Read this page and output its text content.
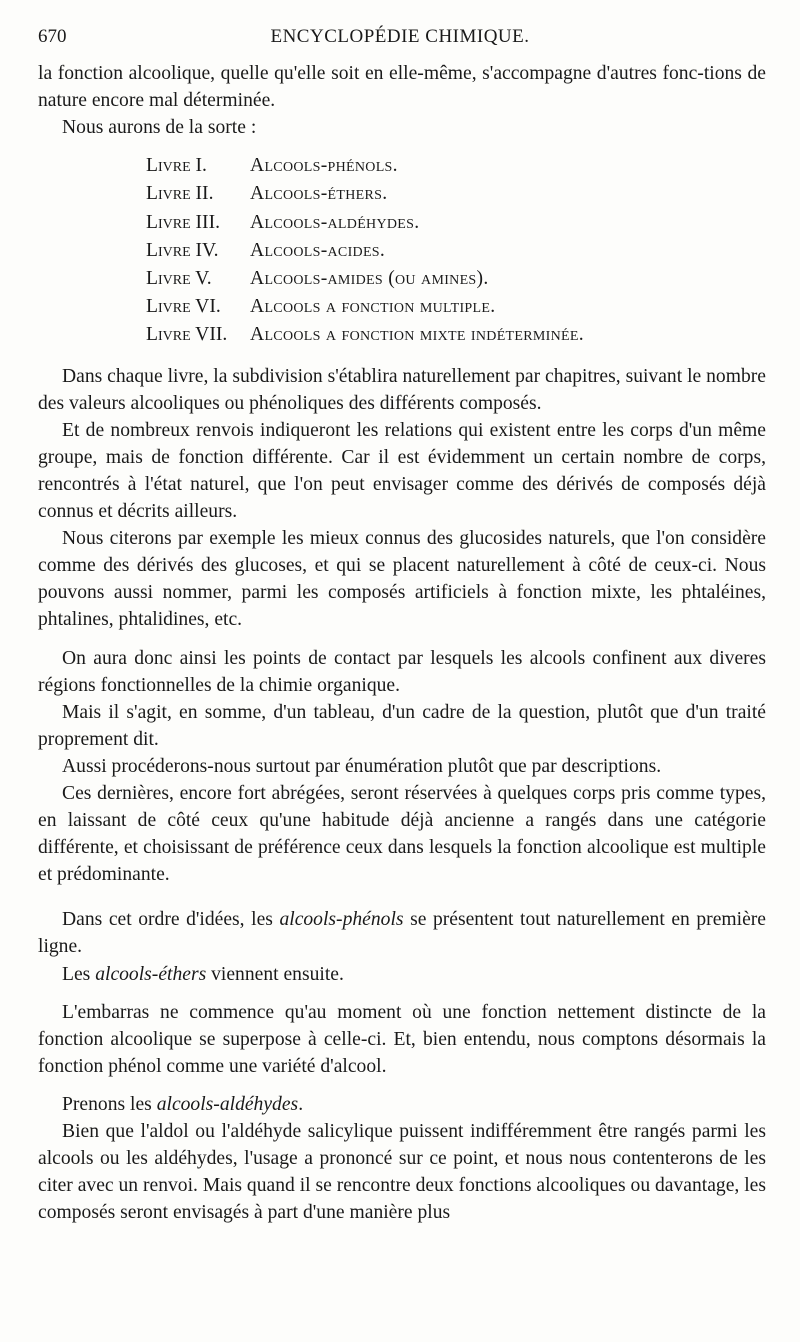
670	ENCYCLOPÉDIE CHIMIQUE.

la fonction alcoolique, quelle qu'elle soit en elle-même, s'accompagne d'autres fonc-tions de nature encore mal déterminée.

Nous aurons de la sorte :

Livre I.	Alcools-phénols.
Livre II.	Alcools-éthers.
Livre III.	Alcools-aldéhydes.
Livre IV.	Alcools-acides.
Livre V.	Alcools-amides (ou amines).
Livre VI.	Alcools a fonction multiple.
Livre VII.	Alcools a fonction mixte indéterminée.

Dans chaque livre, la subdivision s'établira naturellement par chapitres, suivant le nombre des valeurs alcooliques ou phénoliques des différents composés.

Et de nombreux renvois indiqueront les relations qui existent entre les corps d'un même groupe, mais de fonction différente. Car il est évidemment un certain nombre de corps, rencontrés à l'état naturel, que l'on peut envisager comme des dérivés de composés déjà connus et décrits ailleurs.

Nous citerons par exemple les mieux connus des glucosides naturels, que l'on considère comme des dérivés des glucoses, et qui se placent naturellement à côté de ceux-ci. Nous pouvons aussi nommer, parmi les composés artificiels à fonction mixte, les phtaléines, phtalines, phtalidines, etc.

On aura donc ainsi les points de contact par lesquels les alcools confinent aux diveres régions fonctionnelles de la chimie organique.

Mais il s'agit, en somme, d'un tableau, d'un cadre de la question, plutôt que d'un traité proprement dit.

Aussi procéderons-nous surtout par énumération plutôt que par descriptions.

Ces dernières, encore fort abrégées, seront réservées à quelques corps pris comme types, en laissant de côté ceux qu'une habitude déjà ancienne a rangés dans une catégorie différente, et choisissant de préférence ceux dans lesquels la fonction alcoolique est multiple et prédominante.

Dans cet ordre d'idées, les alcools-phénols se présentent tout naturellement en première ligne.

Les alcools-éthers viennent ensuite.

L'embarras ne commence qu'au moment où une fonction nettement distincte de la fonction alcoolique se superpose à celle-ci. Et, bien entendu, nous comptons désormais la fonction phénol comme une variété d'alcool.

Prenons les alcools-aldéhydes.

Bien que l'aldol ou l'aldéhyde salicylique puissent indifféremment être rangés parmi les alcools ou les aldéhydes, l'usage a prononcé sur ce point, et nous nous contenterons de les citer avec un renvoi. Mais quand il se rencontre deux fonctions alcooliques ou davantage, les composés seront envisagés à part d'une manière plus
